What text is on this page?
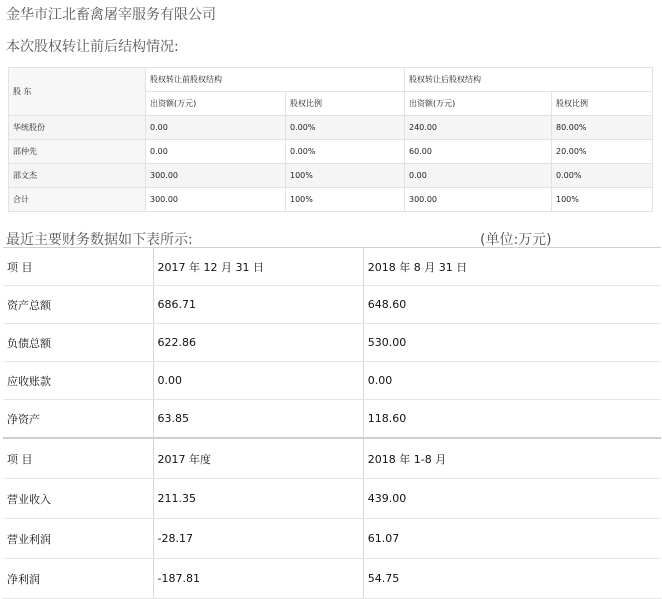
金华市江北畜禽屠宰服务有限公司
本次股权转让前后结构情况:
股 东	股权转让前股权结构		股权转让后股权结构	
	出资额(万元)	股权比例	出资额(万元)	股权比例
华统股份	0.00	0.00%	240.00	80.00%
邵仲先	0.00	0.00%	60.00	20.00%
邵文杰	300.00	100%	0.00	0.00%
合计	300.00	100%	300.00	100%
最近主要财务数据如下表所示:	(单位:万元)
项 目	2017 年 12 月 31 日	2018 年 8 月 31 日
资产总额	686.71	648.60
负债总额	622.86	530.00
应收账款	0.00	0.00
净资产	63.85	118.60
项 目	2017 年度	2018 年 1-8 月
营业收入	211.35	439.00
营业利润	-28.17	61.07
净利润	-187.81	54.75
